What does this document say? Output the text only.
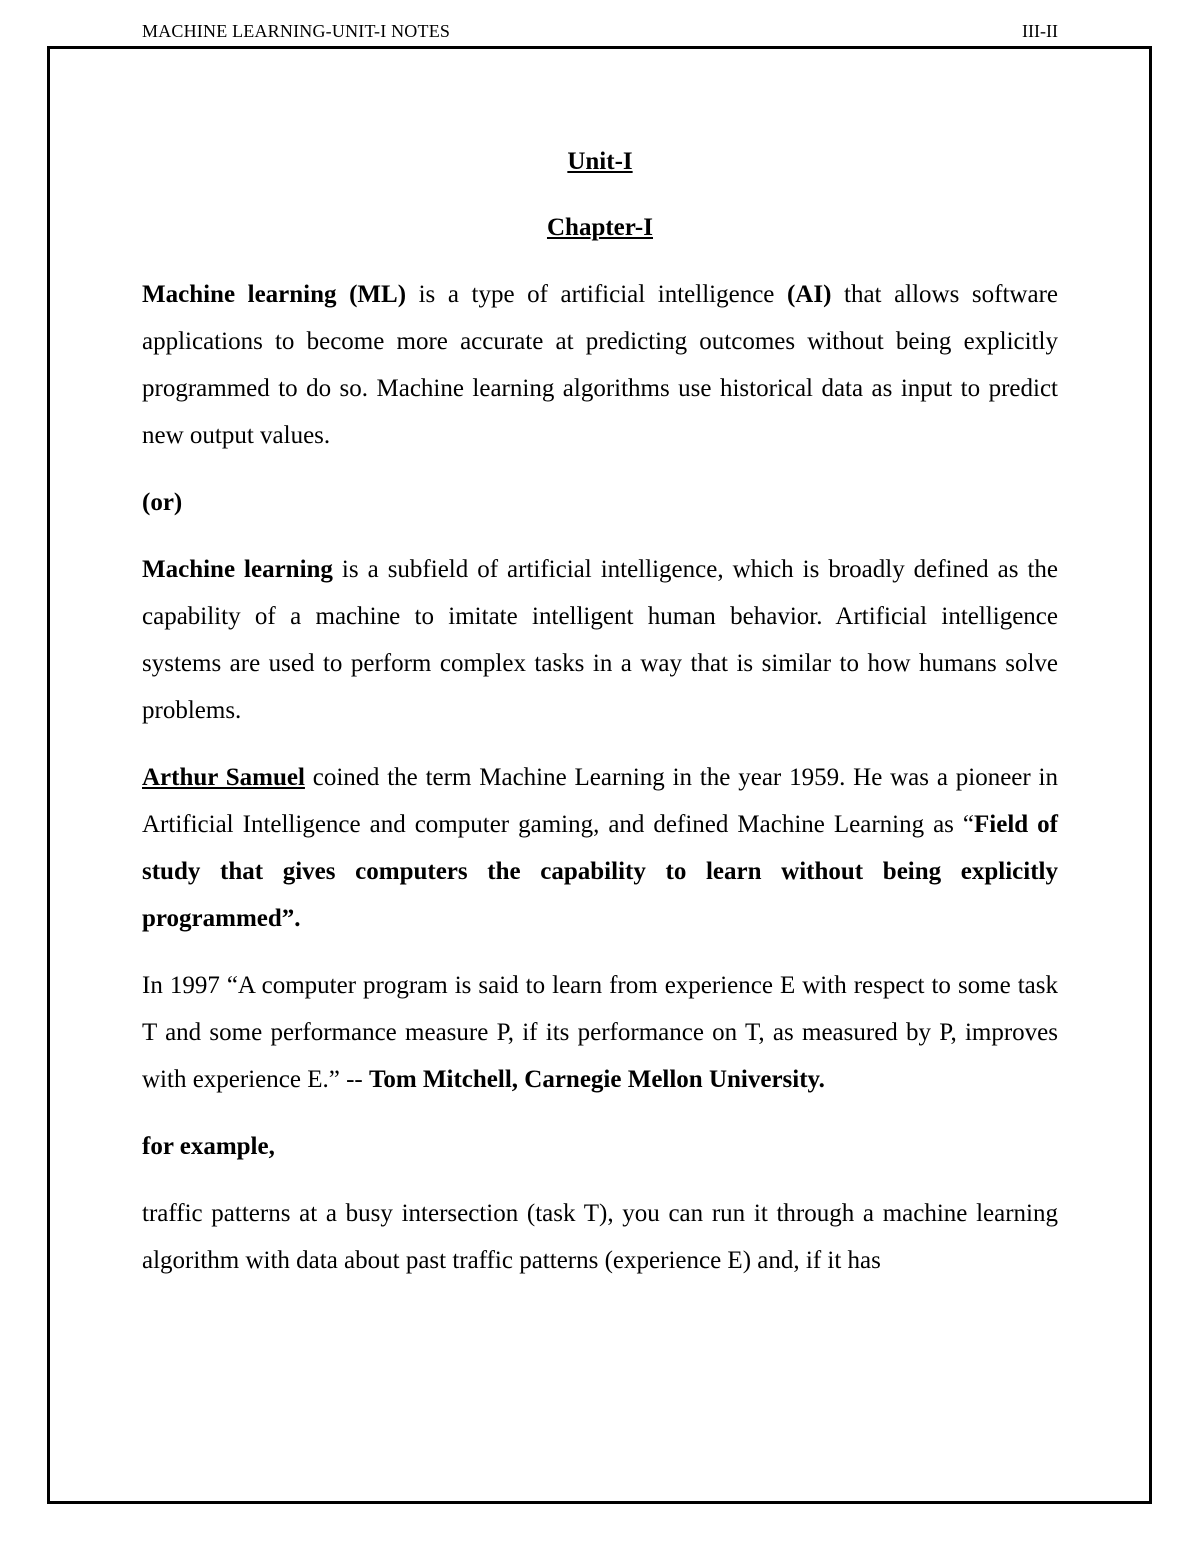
MACHINE LEARNING-UNIT-I NOTES	III-II
Unit-I
Chapter-I

Machine learning (ML) is a type of artificial intelligence (AI) that allows software applications to become more accurate at predicting outcomes without being explicitly programmed to do so. Machine learning algorithms use historical data as input to predict new output values.

(or)

Machine learning is a subfield of artificial intelligence, which is broadly defined as the capability of a machine to imitate intelligent human behavior. Artificial intelligence systems are used to perform complex tasks in a way that is similar to how humans solve problems.

Arthur Samuel coined the term Machine Learning in the year 1959. He was a pioneer in Artificial Intelligence and computer gaming, and defined Machine Learning as “Field of study that gives computers the capability to learn without being explicitly programmed”.

In 1997 “A computer program is said to learn from experience E with respect to some task T and some performance measure P, if its performance on T, as measured by P, improves with experience E.” -- Tom Mitchell, Carnegie Mellon University.

for example,

traffic patterns at a busy intersection (task T), you can run it through a machine learning algorithm with data about past traffic patterns (experience E) and, if it has
